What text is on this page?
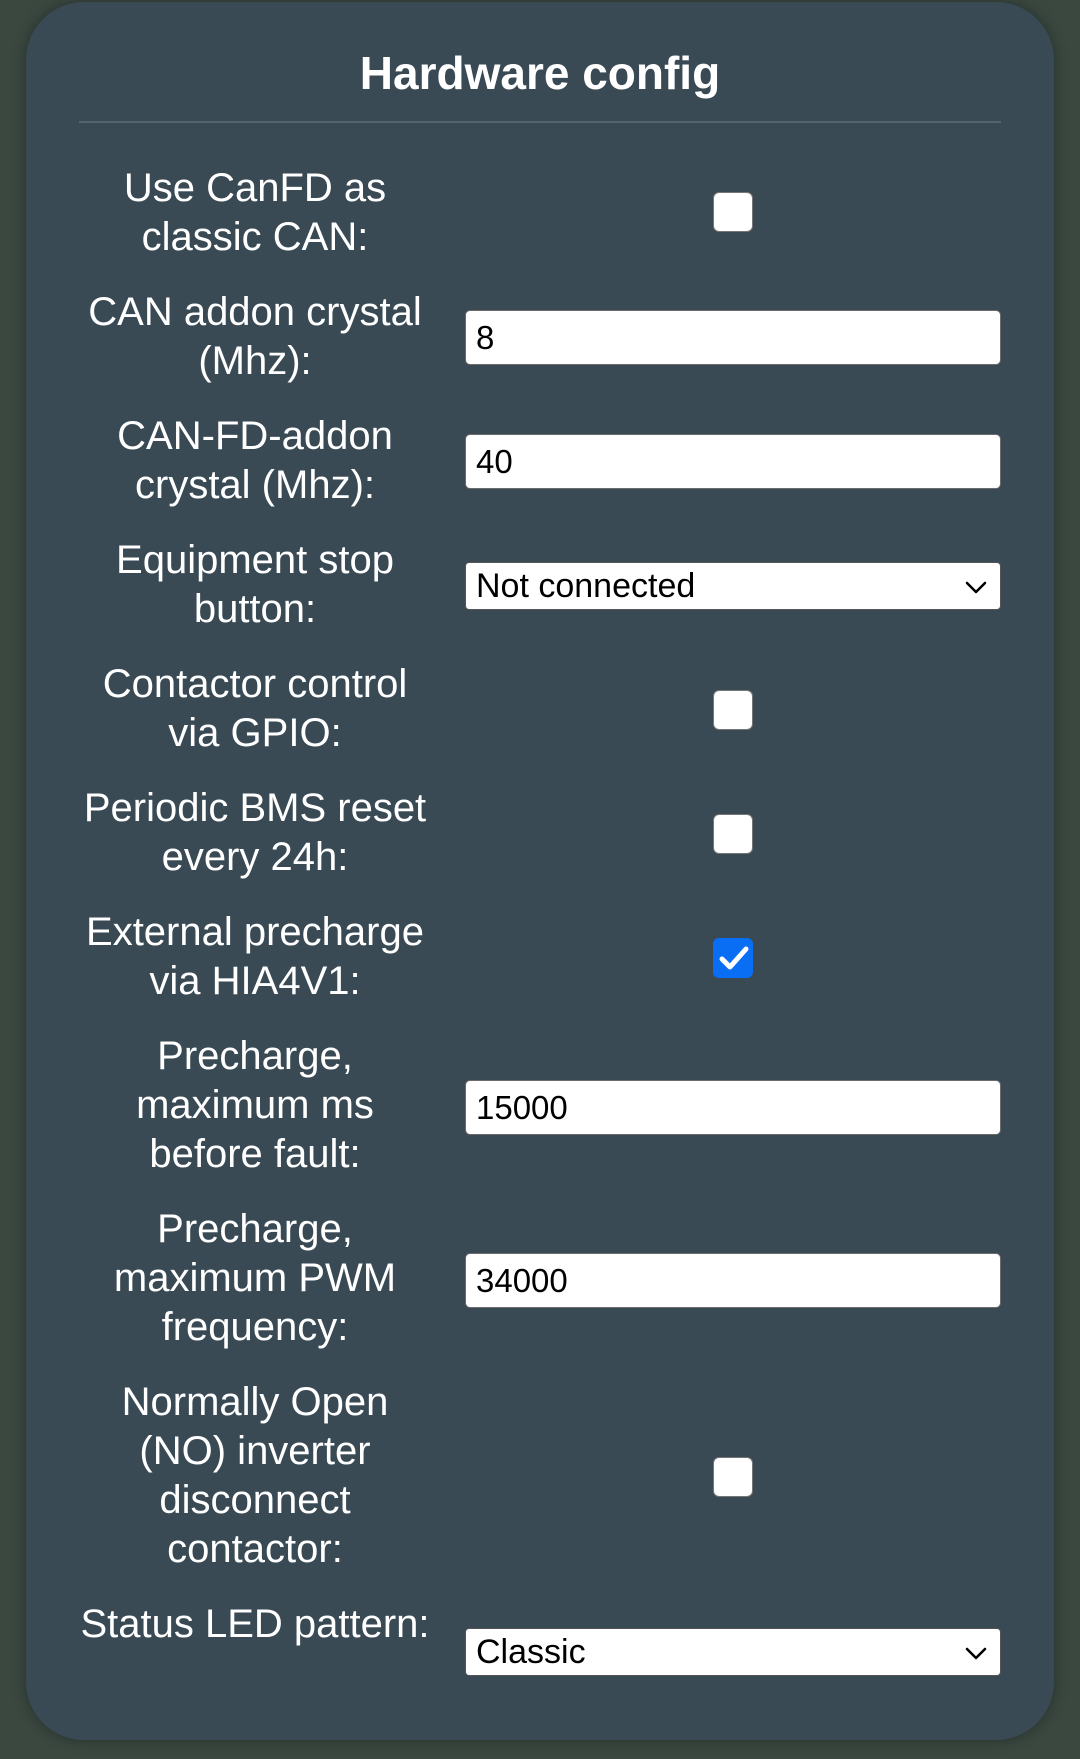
Hardware config
Use CanFD as classic CAN:
CAN addon crystal (Mhz):
8
CAN-FD-addon crystal (Mhz):
40
Equipment stop button:
Not connected
Contactor control via GPIO:
Periodic BMS reset every 24h:
External precharge via HIA4V1:
Precharge, maximum ms before fault:
15000
Precharge, maximum PWM frequency:
34000
Normally Open (NO) inverter disconnect contactor:
Status LED pattern:
Classic
